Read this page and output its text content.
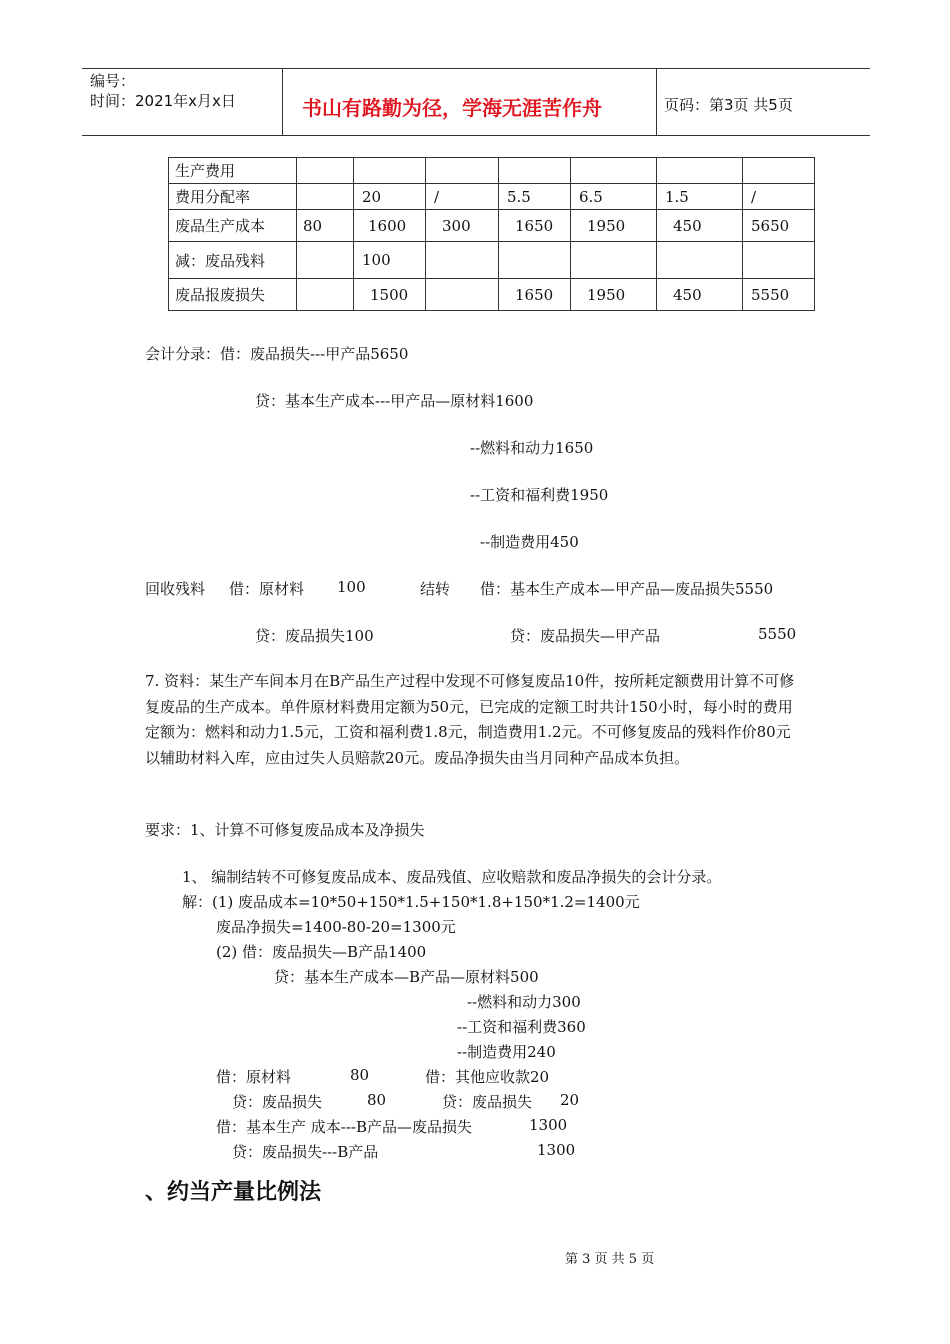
编号：
时间：2021年x月x日	书山有路勤为径，学海无涯苦作舟	页码：第3页 共5页
生产费用							
费用分配率		20	/	5.5	6.5	1.5	/
废品生产成本	80	1600	300	1650	1950	450	5650
减：废品残料		100					
废品报废损失		1500		1650	1950	450	5550
会计分录：借：废品损失---甲产品5650
贷：基本生产成本---甲产品—原材料1600
--燃料和动力1650
--工资和福利费1950
--制造费用450
回收残料 借：原材料 100	结转 借：基本生产成本—甲产品—废品损失5550
贷：废品损失100	贷：废品损失—甲产品	5550
7. 资料：某生产车间本月在B产品生产过程中发现不可修复废品10件，按所耗定额费用计算不可修复废品的生产成本。单件原材料费用定额为50元，已完成的定额工时共计150小时，每小时的费用定额为：燃料和动力1.5元，工资和福利费1.8元，制造费用1.2元。不可修复废品的残料作价80元以辅助材料入库，应由过失人员赔款20元。废品净损失由当月同种产品成本负担。
要求：1、计算不可修复废品成本及净损失
1、 编制结转不可修复废品成本、废品残值、应收赔款和废品净损失的会计分录。
解：(1) 废品成本=10*50+150*1.5+150*1.8+150*1.2=1400元
废品净损失=1400-80-20=1300元
(2) 借：废品损失—B产品1400
贷：基本生产成本—B产品—原材料500
--燃料和动力300
--工资和福利费360
--制造费用240
借：原材料	80	借：其他应收款20
贷：废品损失	80	贷：废品损失 20
借：基本生产 成本---B产品—废品损失	1300
贷：废品损失---B产品	1300
、约当产量比例法
第 3 页 共 5 页
